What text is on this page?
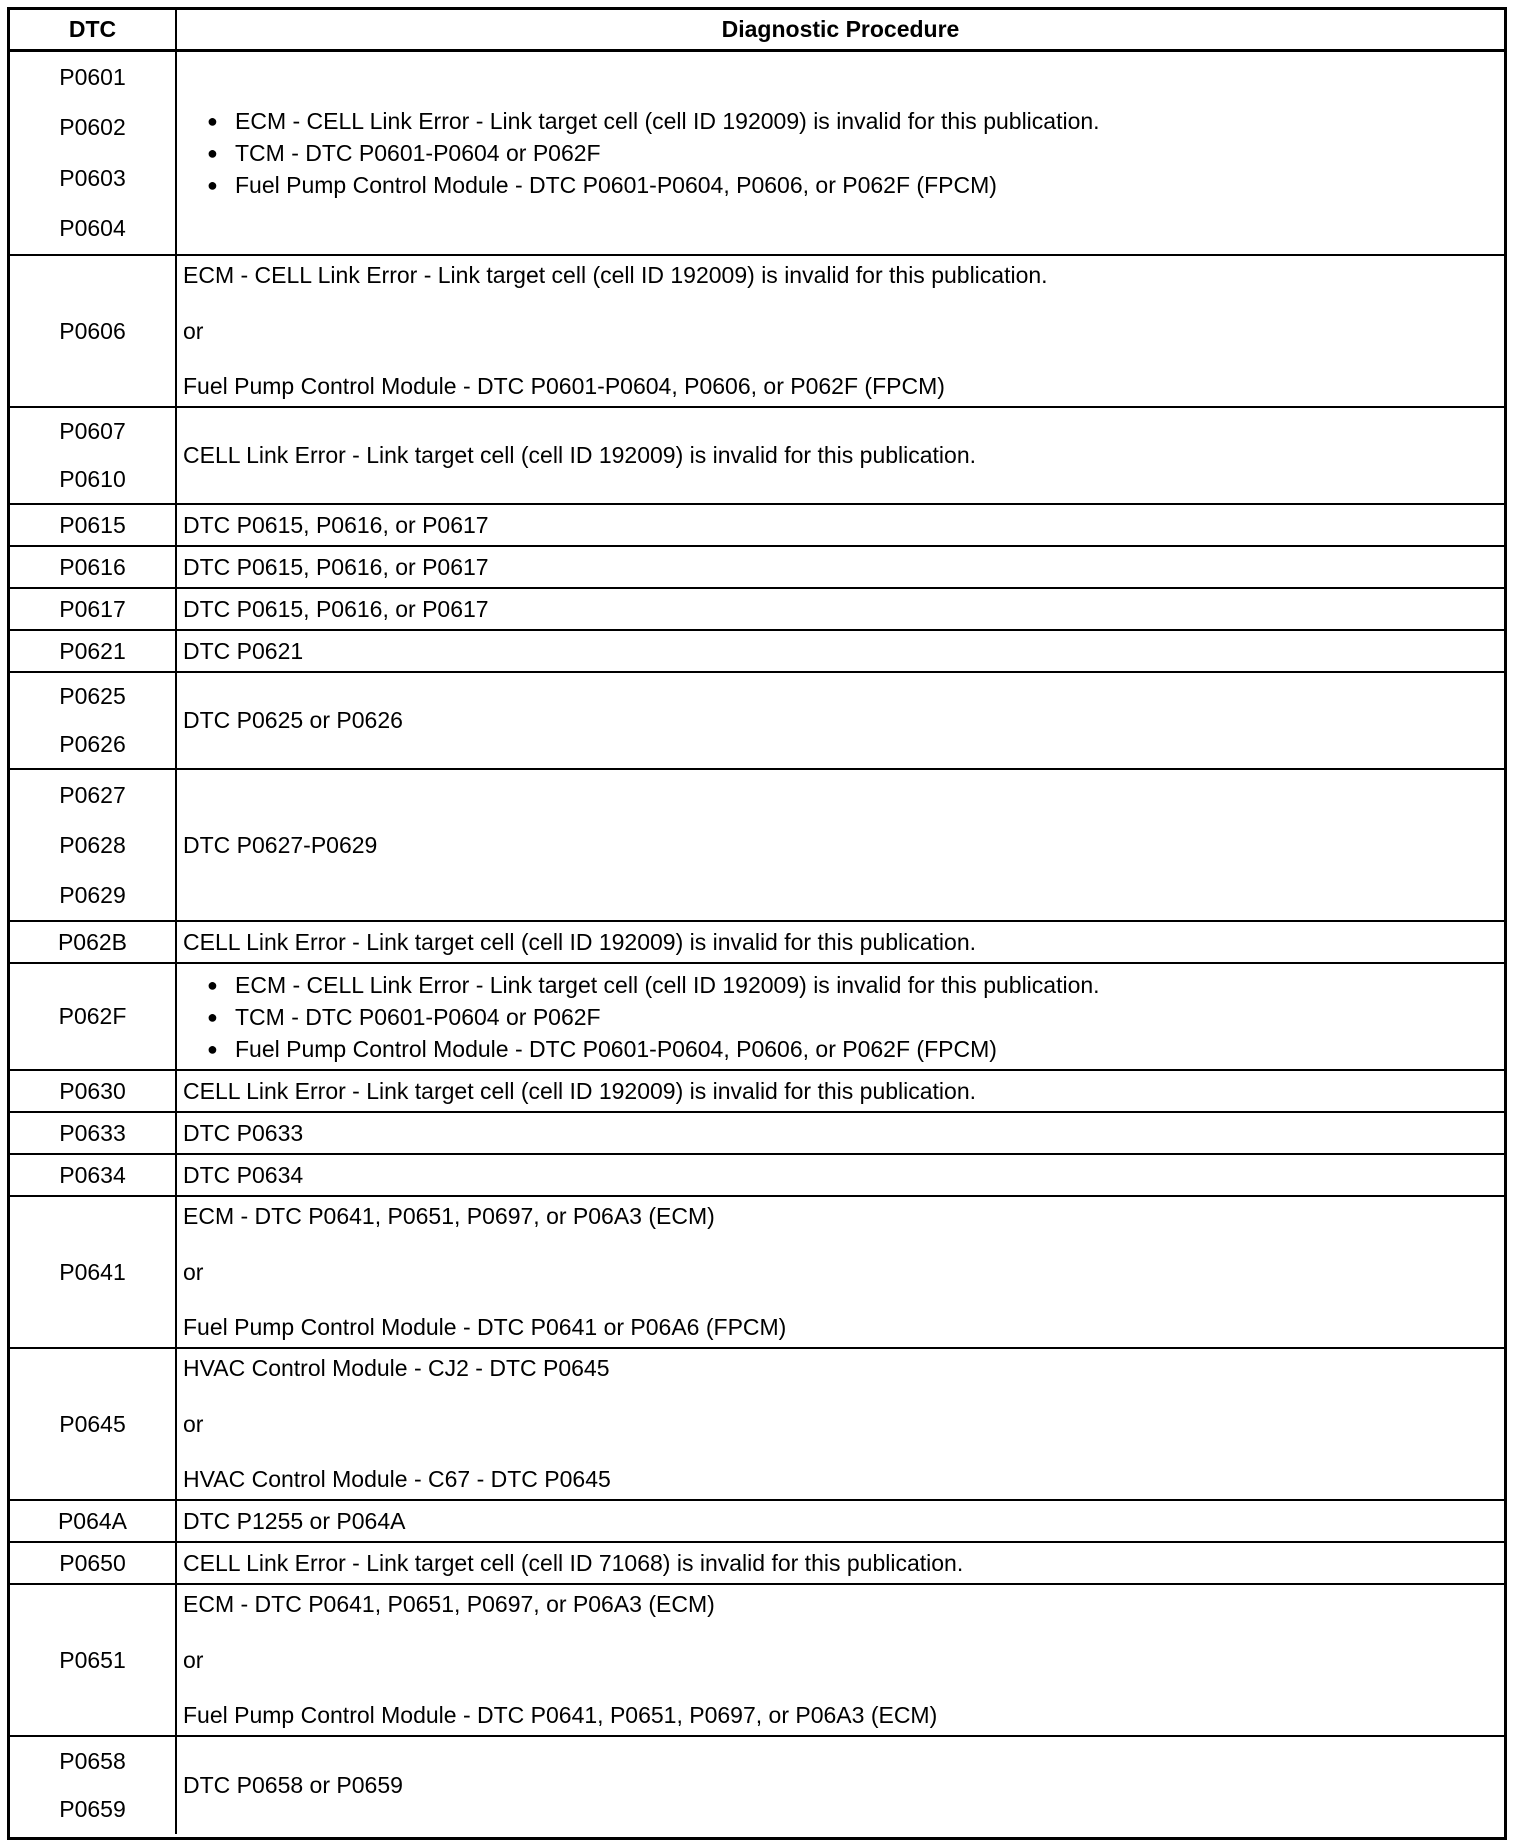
DTC	Diagnostic Procedure
P0601
P0602
P0603
P0604
● ECM - CELL Link Error - Link target cell (cell ID 192009) is invalid for this publication.
● TCM - DTC P0601-P0604 or P062F
● Fuel Pump Control Module - DTC P0601-P0604, P0606, or P062F (FPCM)
P0606
ECM - CELL Link Error - Link target cell (cell ID 192009) is invalid for this publication.
or
Fuel Pump Control Module - DTC P0601-P0604, P0606, or P062F (FPCM)
P0607
P0610
CELL Link Error - Link target cell (cell ID 192009) is invalid for this publication.
P0615 DTC P0615, P0616, or P0617
P0616 DTC P0615, P0616, or P0617
P0617 DTC P0615, P0616, or P0617
P0621 DTC P0621
P0625
P0626
DTC P0625 or P0626
P0627
P0628
P0629
DTC P0627-P0629
P062B CELL Link Error - Link target cell (cell ID 192009) is invalid for this publication.
P062F
● ECM - CELL Link Error - Link target cell (cell ID 192009) is invalid for this publication.
● TCM - DTC P0601-P0604 or P062F
● Fuel Pump Control Module - DTC P0601-P0604, P0606, or P062F (FPCM)
P0630 CELL Link Error - Link target cell (cell ID 192009) is invalid for this publication.
P0633 DTC P0633
P0634 DTC P0634
P0641
ECM - DTC P0641, P0651, P0697, or P06A3 (ECM)
or
Fuel Pump Control Module - DTC P0641 or P06A6 (FPCM)
P0645
HVAC Control Module - CJ2 - DTC P0645
or
HVAC Control Module - C67 - DTC P0645
P064A DTC P1255 or P064A
P0650 CELL Link Error - Link target cell (cell ID 71068) is invalid for this publication.
P0651
ECM - DTC P0641, P0651, P0697, or P06A3 (ECM)
or
Fuel Pump Control Module - DTC P0641, P0651, P0697, or P06A3 (ECM)
P0658
P0659
DTC P0658 or P0659
